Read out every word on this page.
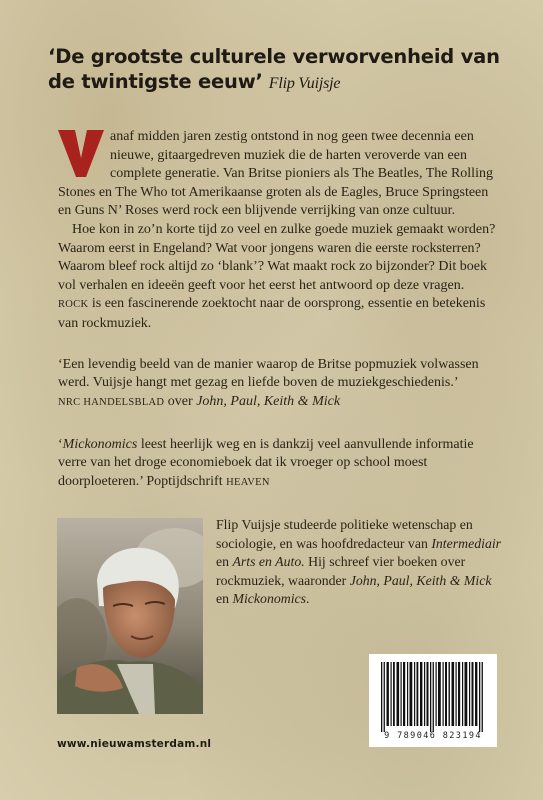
‘De grootste culturele verworvenheid van de twintigste eeuw’ Flip Vuijsje

anaf midden jaren zestig ontstond in nog geen twee decennia een nieuwe, gitaargedreven muziek die de harten veroverde van een complete generatie. Van Britse pioniers als The Beatles, The Rolling Stones en The Who tot Amerikaanse groten als de Eagles, Bruce Springsteen en Guns N’ Roses werd rock een blijvende verrijking van onze cultuur.

Hoe kon in zo’n korte tijd zo veel en zulke goede muziek gemaakt worden? Waarom eerst in Engeland? Wat voor jongens waren die eerste rocksterren? Waarom bleef rock altijd zo ‘blank’? Wat maakt rock zo bijzonder? Dit boek vol verhalen en ideeën geeft voor het eerst het antwoord op deze vragen. ROCK is een fascinerende zoektocht naar de oorsprong, essentie en betekenis van rockmuziek.

‘Een levendig beeld van de manier waarop de Britse popmuziek volwassen werd. Vuijsje hangt met gezag en liefde boven de muziekgeschiedenis.’
NRC HANDELSBLAD over John, Paul, Keith & Mick
‘Mickonomics leest heerlijk weg en is dankzij veel aanvullende informatie verre van het droge economieboek dat ik vroeger op school moest doorploeteren.’ Poptijdschrift HEAVEN
Flip Vuijsje studeerde politieke wetenschap en sociologie, en was hoofdredacteur van Intermediair en Arts en Auto. Hij schreef vier boeken over rockmuziek, waaronder John, Paul, Keith & Mick en Mickonomics.
9 789046 823194
www.nieuwamsterdam.nl
